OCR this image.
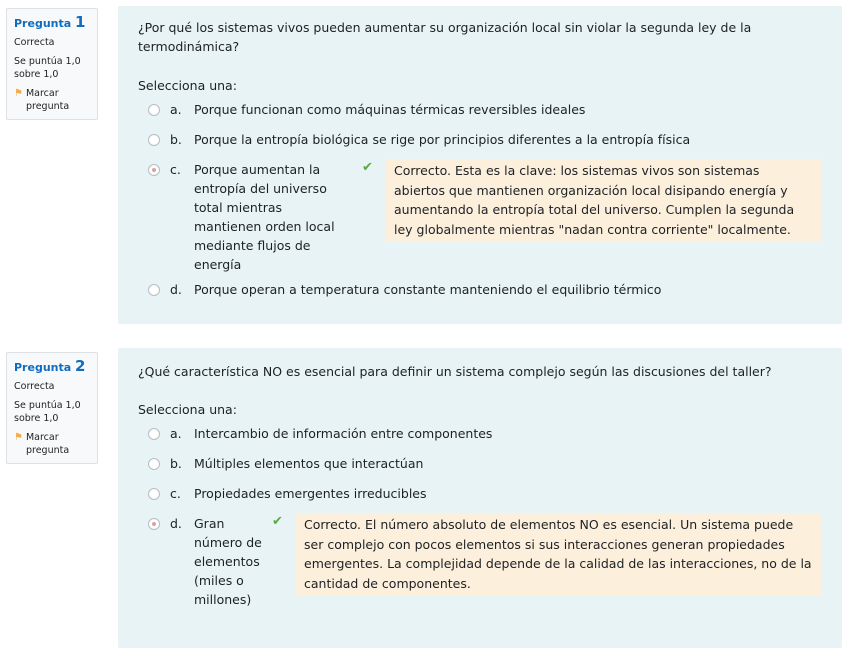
Pregunta 1
Correcta
Se puntúa 1,0 sobre 1,0
⚑ Marcar pregunta
¿Por qué los sistemas vivos pueden aumentar su organización local sin violar la segunda ley de la termodinámica?
Selecciona una:
a. Porque funcionan como máquinas térmicas reversibles ideales
b. Porque la entropía biológica se rige por principios diferentes a la entropía física
c.	Porque aumentan la entropía del universo total mientras mantienen orden local mediante flujos de energía
✔	Correcto. Esta es la clave: los sistemas vivos son sistemas abiertos que mantienen organización local disipando energía y aumentando la entropía total del universo. Cumplen la segunda ley globalmente mientras "nadan contra corriente" localmente.
d. Porque operan a temperatura constante manteniendo el equilibrio térmico
Pregunta 2
Correcta
Se puntúa 1,0 sobre 1,0
⚑ Marcar pregunta
¿Qué característica NO es esencial para definir un sistema complejo según las discusiones del taller?
Selecciona una:
a. Intercambio de información entre componentes
b. Múltiples elementos que interactúan
c.	Propiedades emergentes irreducibles
d. Gran número de elementos (miles o millones)
✔	Correcto. El número absoluto de elementos NO es esencial. Un sistema puede ser complejo con pocos elementos si sus interacciones generan propiedades emergentes. La complejidad depende de la calidad de las interacciones, no de la cantidad de componentes.
